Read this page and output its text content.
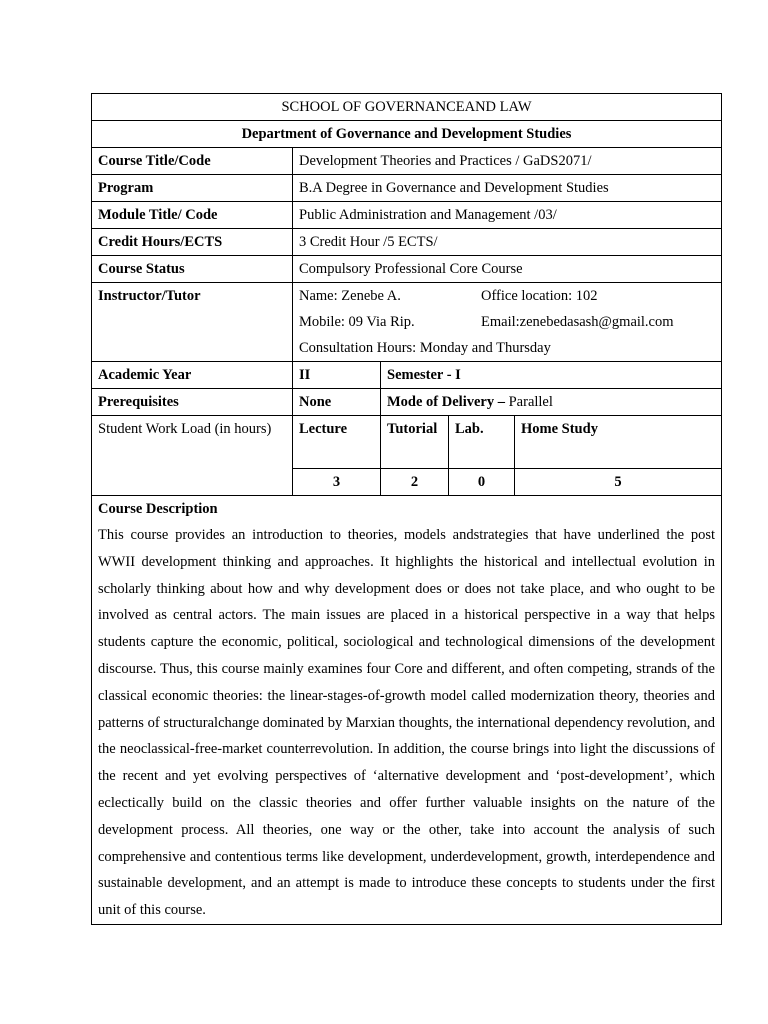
SCHOOL OF GOVERNANCEAND LAW				
Department of Governance and Development Studies				
Course Title/Code	Development Theories and Practices / GaDS2071/			
Program	B.A Degree in Governance and Development Studies			
Module Title/ Code	Public Administration and Management /03/			
Credit Hours/ECTS	3 Credit Hour /5 ECTS/			
Course Status	Compulsory Professional Core Course			
Instructor/Tutor	Name: Zenebe A. Office location: 102
Mobile: 09 Via Rip. Email:zenebedasash@gmail.com
Consultation Hours: Monday and Thursday			

Academic Year	II	Semester - I		
Prerequisites	None	Mode of Delivery – Parallel		
Student Work Load (in hours)	Lecture	Tutorial	Lab.	Home Study
	3	2	0	5

Course Description
This course provides an introduction to theories, models andstrategies that have underlined the post WWII development thinking and approaches. It highlights the historical and intellectual evolution in scholarly thinking about how and why development does or does not take place, and who ought to be involved as central actors. The main issues are placed in a historical perspective in a way that helps students capture the economic, political, sociological and technological dimensions of the development discourse. Thus, this course mainly examines four Core and different, and often competing, strands of the classical economic theories: the linear-stages-of-growth model called modernization theory, theories and patterns of structuralchange dominated by Marxian thoughts, the international dependency revolution, and the neoclassical-free-market counterrevolution. In addition, the course brings into light the discussions of the recent and yet evolving perspectives of ‘alternative development and ‘post-development’, which eclectically build on the classic theories and offer further valuable insights on the nature of the development process. All theories, one way or the other, take into account the analysis of such comprehensive and contentious terms like development, underdevelopment, growth, interdependence and sustainable development, and an attempt is made to introduce these concepts to students under the first unit of this course.				
